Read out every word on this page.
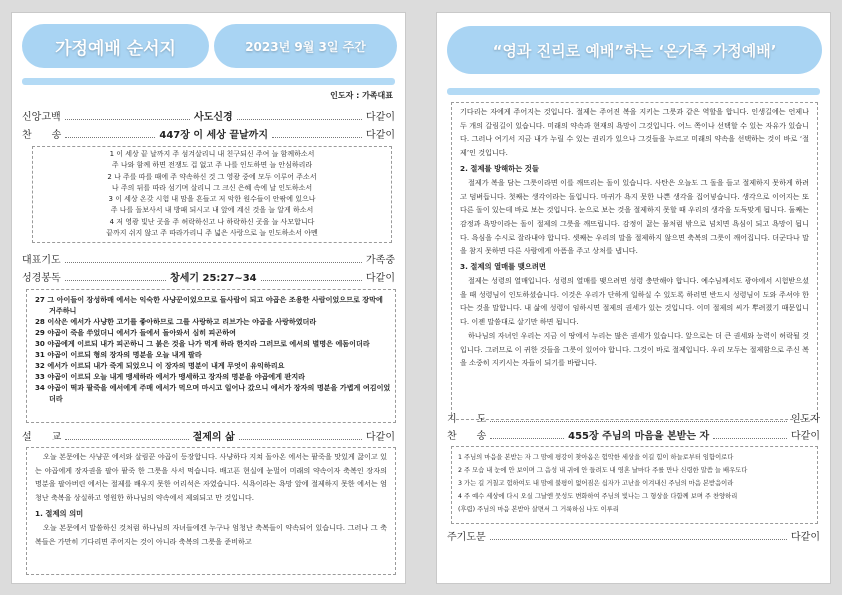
가정예배 순서지	2023년 9월 3일 주간
인도자 : 가족대표
신앙고백	사도신경	다같이
찬　　송	447장 이 세상 끝날까지	다같이

1 이 세상 끝 날까지 주 섬겨살리니 내 친구되신 주여 늘 함께하소서

주 나와 함께 하면 전쟁도 겁 없고 주 나를 인도하면 늘 안심하리라

2 나 주를 따를 때에 주 약속하신 것 그 영광 중에 모두 이루어 주소서

나 주의 뒤를 따라 섬기며 살리니 그 크신 은혜 속에 날 인도하소서

3 이 세상 온갖 시험 내 맘을 흔들고 저 악한 원수들이 안팎에 있으나

주 나를 돌보사서 내 방패 되시고 내 앞에 계신 것을 늘 알게 하소서

4 저 영광 빛난 곳을 주 허락하신고 나 하락하신 곳을 늘 사모합니다

끝까지 쉬지 않고 주 따라가리니 주 넓은 사랑으로 늘 인도하소서 아멘

대표기도	가족중
성경봉독	창세기 25:27~34	다같이

27 그 아이들이 장성하매 에서는 익숙한 사냥꾼이었으므로 들사람이 되고 야곱은 조용한 사람이었으므로 장막에 거주하니

28 이삭은 에서가 사냥한 고기를 좋아하므로 그를 사랑하고 리브가는 야곱을 사랑하였더라

29 야곱이 죽을 쑤었더니 에서가 들에서 돌아와서 심히 피곤하여

30 야곱에게 이르되 내가 피곤하니 그 붉은 것을 나가 먹게 하라 한지라 그러므로 에서의 별명은 에돔이더라

31 야곱이 이르되 형의 장자의 명분을 오늘 내게 팔라

32 에서가 이르되 내가 죽게 되었으니 이 장자의 명분이 내게 무엇이 유익하리요

33 야곱이 이르되 오늘 내게 맹세하라 에서가 맹세하고 장자의 명분을 야곱에게 판지라

34 야곱이 떡과 팥죽을 에서에게 주매 에서가 먹으며 마시고 일어나 갔으니 에서가 장자의 명분을 가볍게 여김이었더라

설　　교	절제의 삶	다같이

오늘 본문에는 사냥꾼 에서와 살림꾼 야곱이 등장합니다. 사냥하다 지쳐 돌아온 에서는 팥죽을 맛있게 끓이고 있는 야곱에게 장자권을 팔아 팥죽 한 그릇을 사서 먹습니다. 배고픈 현실에 눈멀어 미래의 약속이자 축복인 장자의 명분을 팔아버린 에서는 절제를 배우지 못한 어리석은 자였습니다. 식욕이라는 욕망 앞에 절제하지 못한 에서는 엄청난 축복을 상실하고 영원한 하나님의 약속에서 제외되고 만 것입니다.

1. 절제의 의미

오늘 본문에서 말씀하신 것처럼 하나님의 자녀들에겐 누구나 엄청난 축복들이 약속되어 있습니다. 그러나 그 축복들은 가만히 기다리면 주어지는 것이 아니라 축복의 그릇을 준비하고

“영과 진리로 예배”하는 ‘온가족 가정예배’

기다리는 자에게 주어지는 것입니다. 절제는 주어진 복을 지키는 그릇과 같은 역할을 합니다. 인생길에는 언제나 두 개의 갈림길이 있습니다. 미래의 약속과 현재의 욕망이 그것입니다. 어느 쪽이나 선택할 수 있는 자유가 있습니다. 그러나 여기서 지금 내가 누릴 수 있는 권리가 있으나 그것들을 누르고 미래의 약속을 선택하는 것이 바로 ‘절제’인 것입니다.

2. 절제를 방해하는 것들

절제가 복을 담는 그릇이라면 이를 깨뜨리는 돌이 있습니다. 사탄은 오늘도 그 돌을 들고 절제하지 못하게 하려고 덤벼듭니다. 첫째는 생각이라는 돌입니다. 마귀가 욕지 못한 나쁜 생각을 집어넣습니다. 생각으로 이어지는 또 다른 돌이 있는데 바로 보는 것입니다. 눈으로 보는 것을 절제하지 못할 때 우리의 생각을 도둑맞게 됩니다. 둘째는 감정과 욕망이라는 돌이 절제의 그릇을 깨뜨립니다. 감정이 끓는 물처럼 밖으로 넘치면 욕심이 되고 욕망이 됩니다. 욕심을 수시로 잘라내야 합니다. 셋째는 우리의 말을 절제하지 않으면 축복의 그릇이 깨어집니다. 더군다나 말을 참지 못하면 다른 사람에게 아픔을 주고 상처를 냅니다.

3. 절제의 열매를 맺으려면

절제는 성령의 열매입니다. 성령의 열매를 맺으려면 성령 충만해야 합니다. 예수님께서도 광야에서 시험받으셨을 때 성령님이 인도하셨습니다. 이것은 우리가 단하게 일하실 수 있도록 하러면 반드시 성령님이 도와 주셔야 한다는 것을 말합니다. 내 삶에 성령이 임하시면 절제의 권세가 있는 것입니다. 이미 절제의 씨가 뿌려졌기 때문입니다. 이젠 말씀대로 살기만 하면 됩니다.

하나님의 자녀인 우리는 지금 이 땅에서 누리는 많은 권세가 있습니다. 앞으로는 더 큰 권세와 능력이 허락될 것입니다. 그러므로 이 귀한 것들을 그릇이 있어야 합니다. 그것이 바로 절제입니다. 우리 모두는 절제함으로 주신 복을 소중히 지키시는 자들이 되기를 바랍니다.

기　　도	인도자
찬　　송	455장 주님의 마음을 본받는 자	다같이

1 주님의 마음을 본받는 자 그 맘에 평강이 찾아옴은 험악한 세상을 이길 힘이 하늘로부터 임함이로다

2 주 모습 내 눈에 안 보이며 그 음성 내 귀에 안 들려도 내 영혼 날마다 주를 만나 신령한 말씀 늘 배우도다

3 가는 길 거칠고 험하여도 내 맘에 불평이 없어짐은 십자가 고난을 이겨내신 주님의 마음 본받음이라

4 주 예수 세상에 다시 오실 그날엔 뭇성도 변화하여 주님의 빛나는 그 형상을 다함께 보며 주 찬양하리

(후렴) 주님의 마음 본받아 살면서 그 거룩하심 나도 이루리

주기도문	다같이
